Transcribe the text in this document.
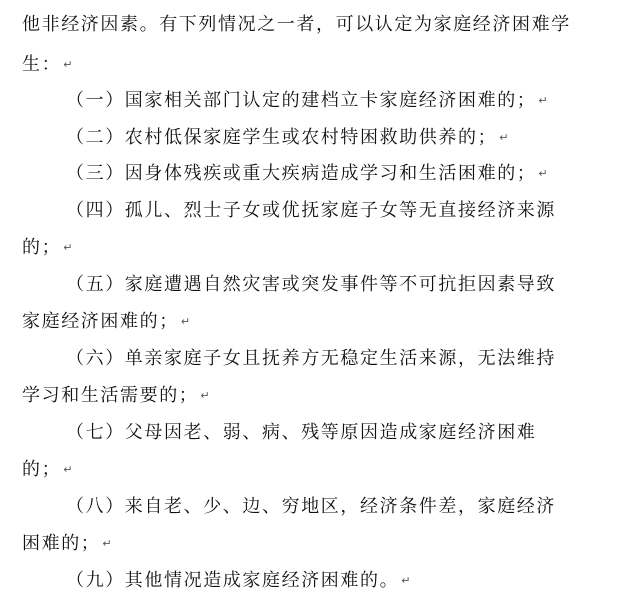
他非经济因素。有下列情况之一者，可以认定为家庭经济困难学
生： ↵
（一）国家相关部门认定的建档立卡家庭经济困难的； ↵
（二）农村低保家庭学生或农村特困救助供养的； ↵
（三）因身体残疾或重大疾病造成学习和生活困难的； ↵
（四）孤儿、烈士子女或优抚家庭子女等无直接经济来源
的； ↵
（五）家庭遭遇自然灾害或突发事件等不可抗拒因素导致
家庭经济困难的； ↵
（六）单亲家庭子女且抚养方无稳定生活来源，无法维持
学习和生活需要的； ↵
（七）父母因老、弱、病、残等原因造成家庭经济困难
的； ↵
（八）来自老、少、边、穷地区，经济条件差，家庭经济
困难的； ↵
（九）其他情况造成家庭经济困难的。 ↵
